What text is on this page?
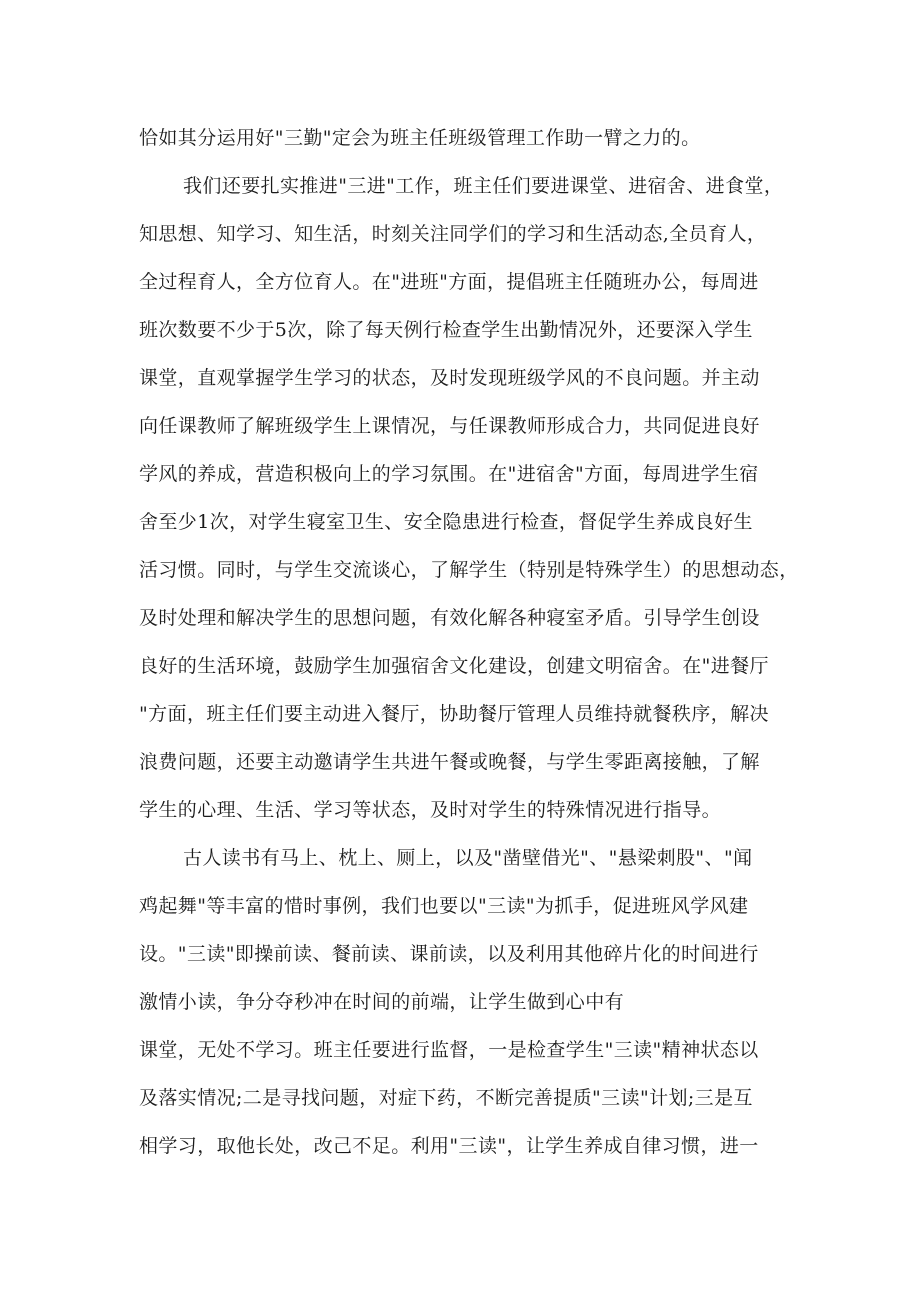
恰如其分运用好"三勤"定会为班主任班级管理工作助一臂之力的。
我们还要扎实推进"三进"工作，班主任们要进课堂、进宿舍、进食堂，
知思想、知学习、知生活，时刻关注同学们的学习和生活动态,全员育人，
全过程育人，全方位育人。在"进班"方面，提倡班主任随班办公，每周进
班次数要不少于5次，除了每天例行检查学生出勤情况外，还要深入学生
课堂，直观掌握学生学习的状态，及时发现班级学风的不良问题。并主动
向任课教师了解班级学生上课情况，与任课教师形成合力，共同促进良好
学风的养成，营造积极向上的学习氛围。在"进宿舍"方面，每周进学生宿
舍至少1次，对学生寝室卫生、安全隐患进行检查，督促学生养成良好生
活习惯。同时，与学生交流谈心，了解学生（特别是特殊学生）的思想动态，
及时处理和解决学生的思想问题，有效化解各种寝室矛盾。引导学生创设
良好的生活环境，鼓励学生加强宿舍文化建设，创建文明宿舍。在"进餐厅
"方面，班主任们要主动进入餐厅，协助餐厅管理人员维持就餐秩序，解决
浪费问题，还要主动邀请学生共进午餐或晚餐，与学生零距离接触，了解
学生的心理、生活、学习等状态，及时对学生的特殊情况进行指导。
古人读书有马上、枕上、厕上，以及"凿壁借光"、"悬梁刺股"、"闻
鸡起舞"等丰富的惜时事例，我们也要以"三读"为抓手，促进班风学风建
设。"三读"即操前读、餐前读、课前读，以及利用其他碎片化的时间进行
激情小读，争分夺秒冲在时间的前端，让学生做到心中有
课堂，无处不学习。班主任要进行监督，一是检查学生"三读"精神状态以
及落实情况;二是寻找问题，对症下药，不断完善提质"三读"计划;三是互
相学习，取他长处，改己不足。利用"三读"，让学生养成自律习惯，进一
